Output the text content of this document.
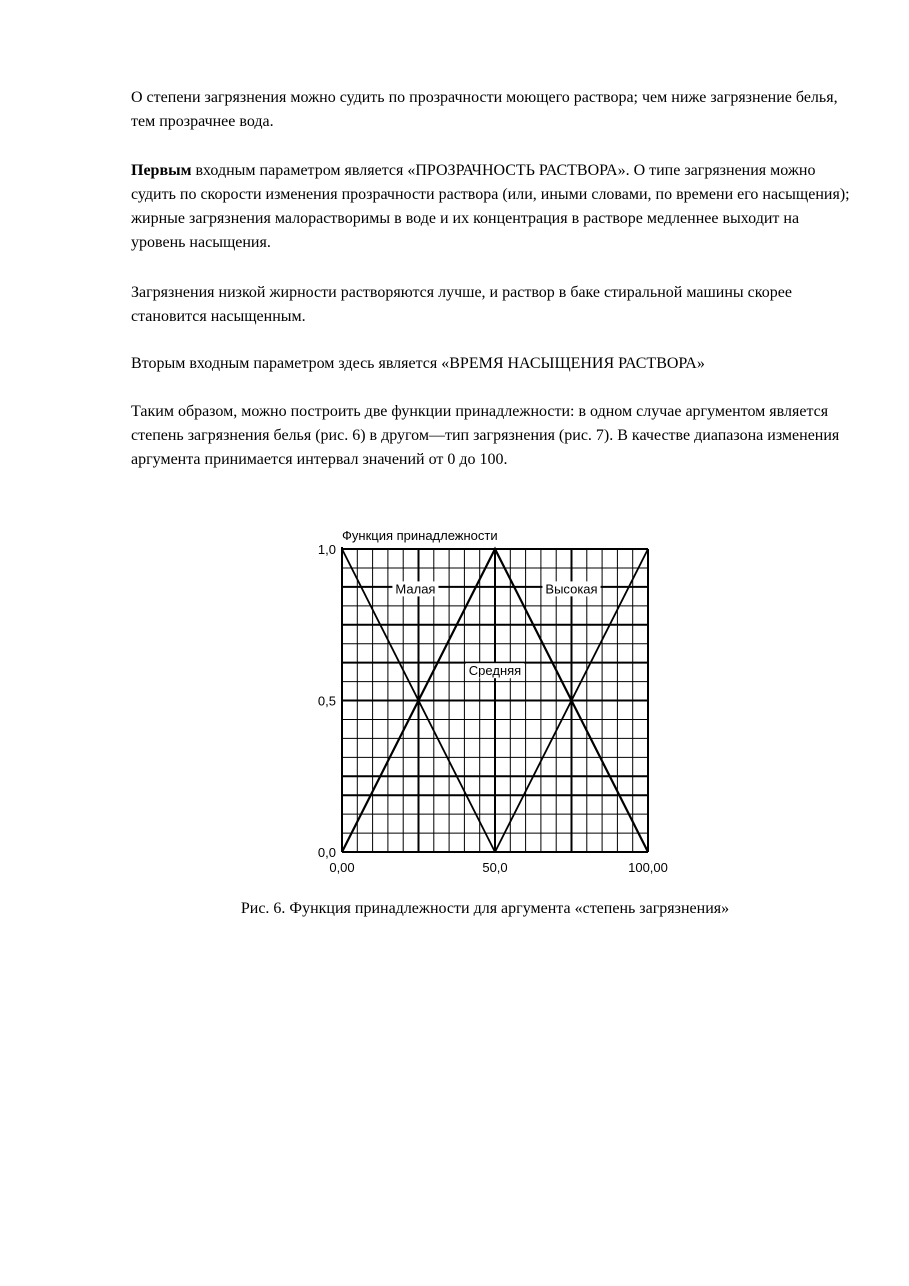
О степени загрязнения можно судить по прозрачности моющего раствора; чем ниже загрязнение белья, тем прозрачнее вода.

Первым входным параметром является «ПРОЗРАЧНОСТЬ РАСТВОРА». О типе загрязнения можно судить по скорости изменения прозрачности раствора (или, иными словами, по времени его насыщения); жирные загрязнения малорастворимы в воде и их концентрация в растворе медленнее выходит на уровень насыщения.

Загрязнения низкой жирности растворяются лучше, и раствор в баке стиральной машины скорее становится насыщенным.

Вторым входным параметром здесь является «ВРЕМЯ НАСЫЩЕНИЯ РАСТВОРА»

Таким образом, можно построить две функции принадлежности: в одном случае аргументом является степень загрязнения белья (рис. 6) в другом—тип загрязнения (рис. 7). В качестве диапазона изменения аргумента принимается интервал значений от 0 до 100.

Функция принадлежности
Малая
Средняя
Высокая
0,0
0,5
1,0
0,00	50,0	100,00

Рис. 6. Функция принадлежности для аргумента «степень загрязнения»
